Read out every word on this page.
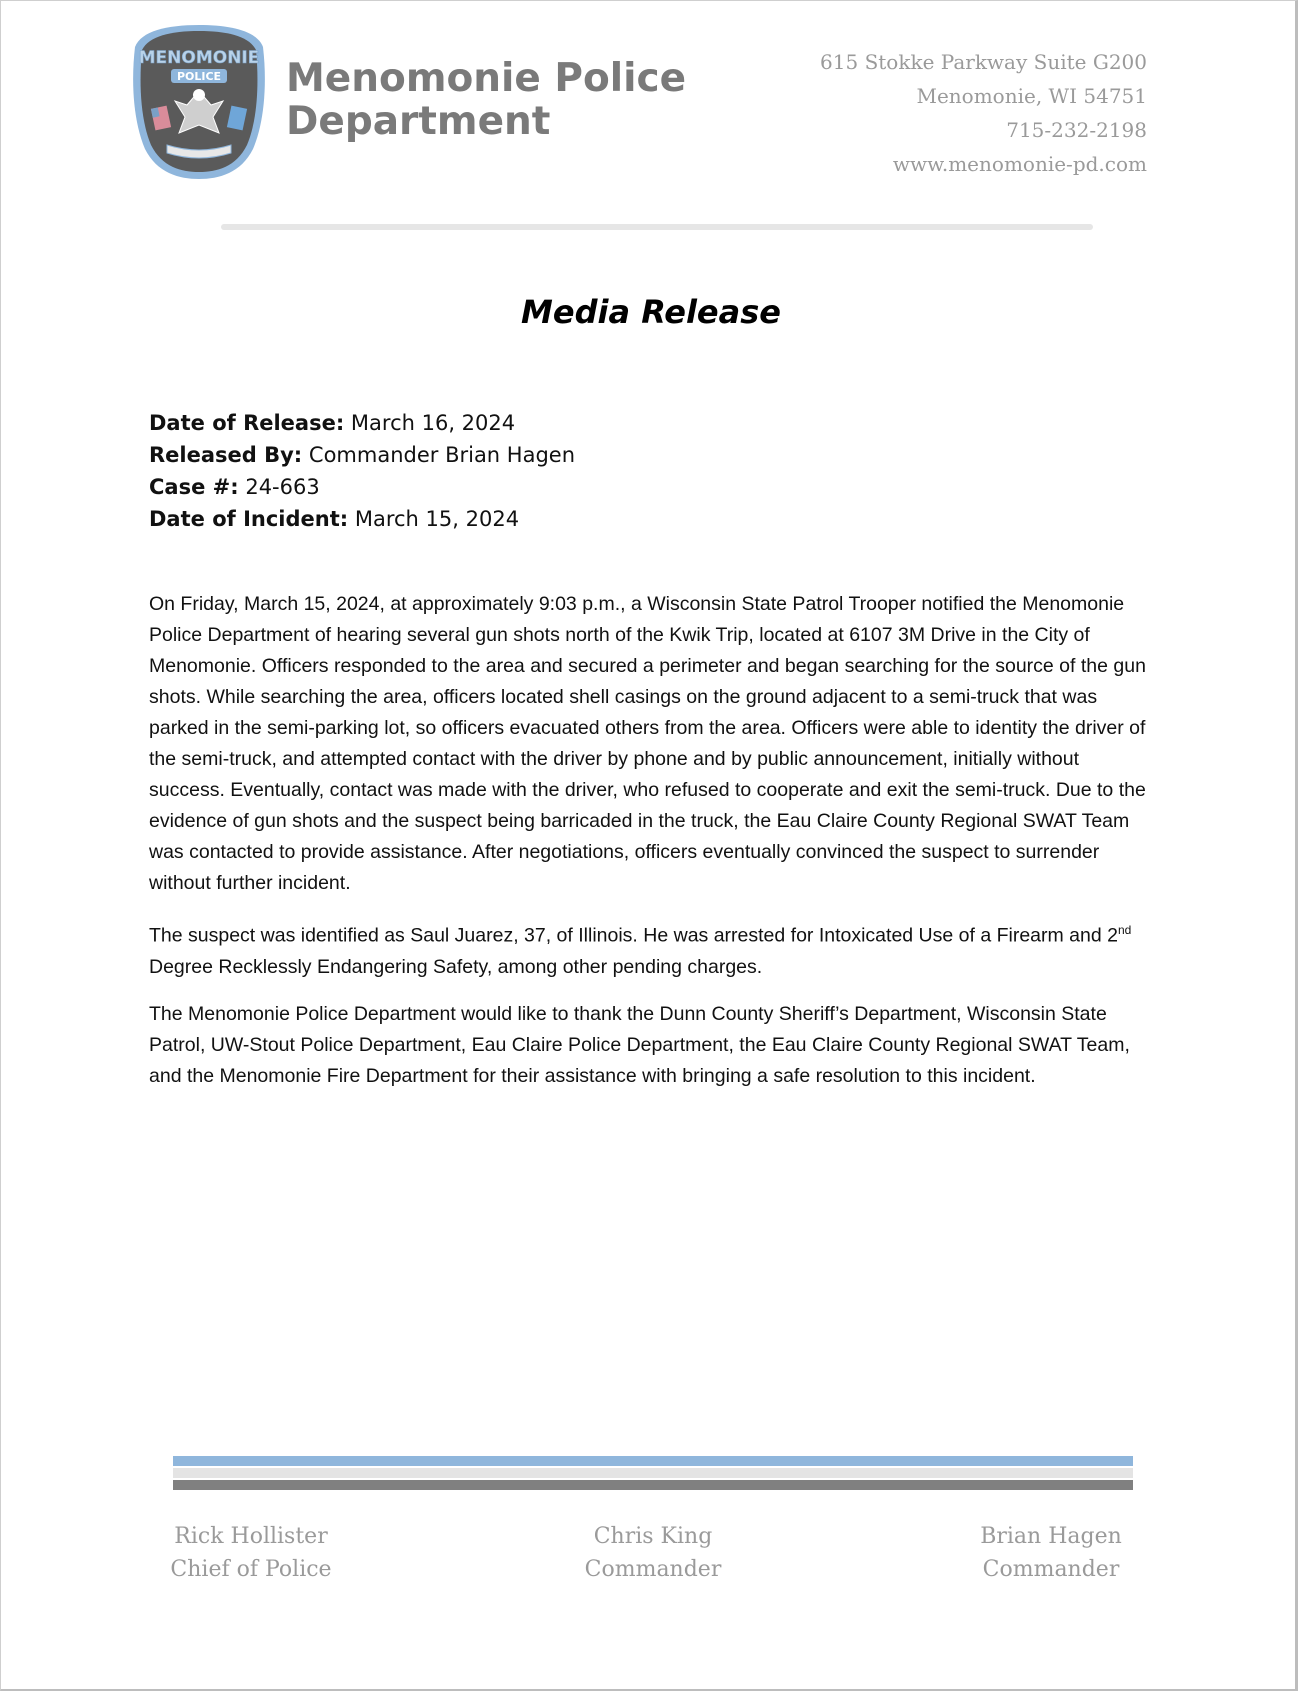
MENOMONIE
POLICE Menomonie Police
Department
615 Stokke Parkway Suite G200
Menomonie, WI 54751
715-232-2198
www.menomonie-pd.com
Media Release
Date of Release: March 16, 2024
Released By: Commander Brian Hagen
Case #: 24-663
Date of Incident: March 15, 2024

On Friday, March 15, 2024, at approximately 9:03 p.m., a Wisconsin State Patrol Trooper notified the Menomonie Police Department of hearing several gun shots north of the Kwik Trip, located at 6107 3M Drive in the City of Menomonie. Officers responded to the area and secured a perimeter and began searching for the source of the gun shots. While searching the area, officers located shell casings on the ground adjacent to a semi-truck that was parked in the semi-parking lot, so officers evacuated others from the area. Officers were able to identity the driver of the semi-truck, and attempted contact with the driver by phone and by public announcement, initially without success. Eventually, contact was made with the driver, who refused to cooperate and exit the semi-truck. Due to the evidence of gun shots and the suspect being barricaded in the truck, the Eau Claire County Regional SWAT Team was contacted to provide assistance. After negotiations, officers eventually convinced the suspect to surrender without further incident.

The suspect was identified as Saul Juarez, 37, of Illinois. He was arrested for Intoxicated Use of a Firearm and 2nd Degree Recklessly Endangering Safety, among other pending charges.

The Menomonie Police Department would like to thank the Dunn County Sheriff’s Department, Wisconsin State Patrol, UW-Stout Police Department, Eau Claire Police Department, the Eau Claire County Regional SWAT Team, and the Menomonie Fire Department for their assistance with bringing a safe resolution to this incident.

Rick Hollister
Chief of Police
Chris King
Commander
Brian Hagen
Commander
